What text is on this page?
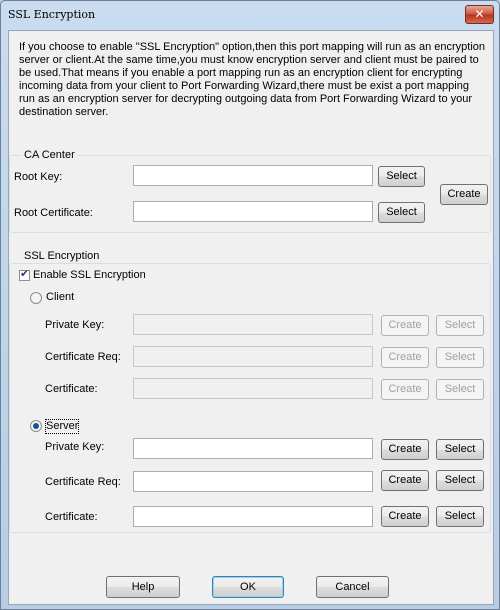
SSL Encryption	✕
If you choose to enable "SSL Encryption" option,then this port mapping will run as an encryption server or client.At the same time,you must know encryption server and client must be paired to be used.That means if you enable a port mapping run as an encryption client for encrypting incoming data from your client to Port Forwarding Wizard,there must be exist a port mapping run as an encryption server for decrypting outgoing data from Port Forwarding Wizard to your destination server.
CA Center
Root Key:	Select
Root Certificate:	Select
Create
SSL Encryption
✔ Enable SSL Encryption
Client
Private Key:	Create	Select
Certificate Req:	Create	Select
Certificate:	Create	Select
Server
Private Key:	Create	Select
Certificate Req:	Create	Select
Certificate:	Create	Select
Help	OK	Cancel
